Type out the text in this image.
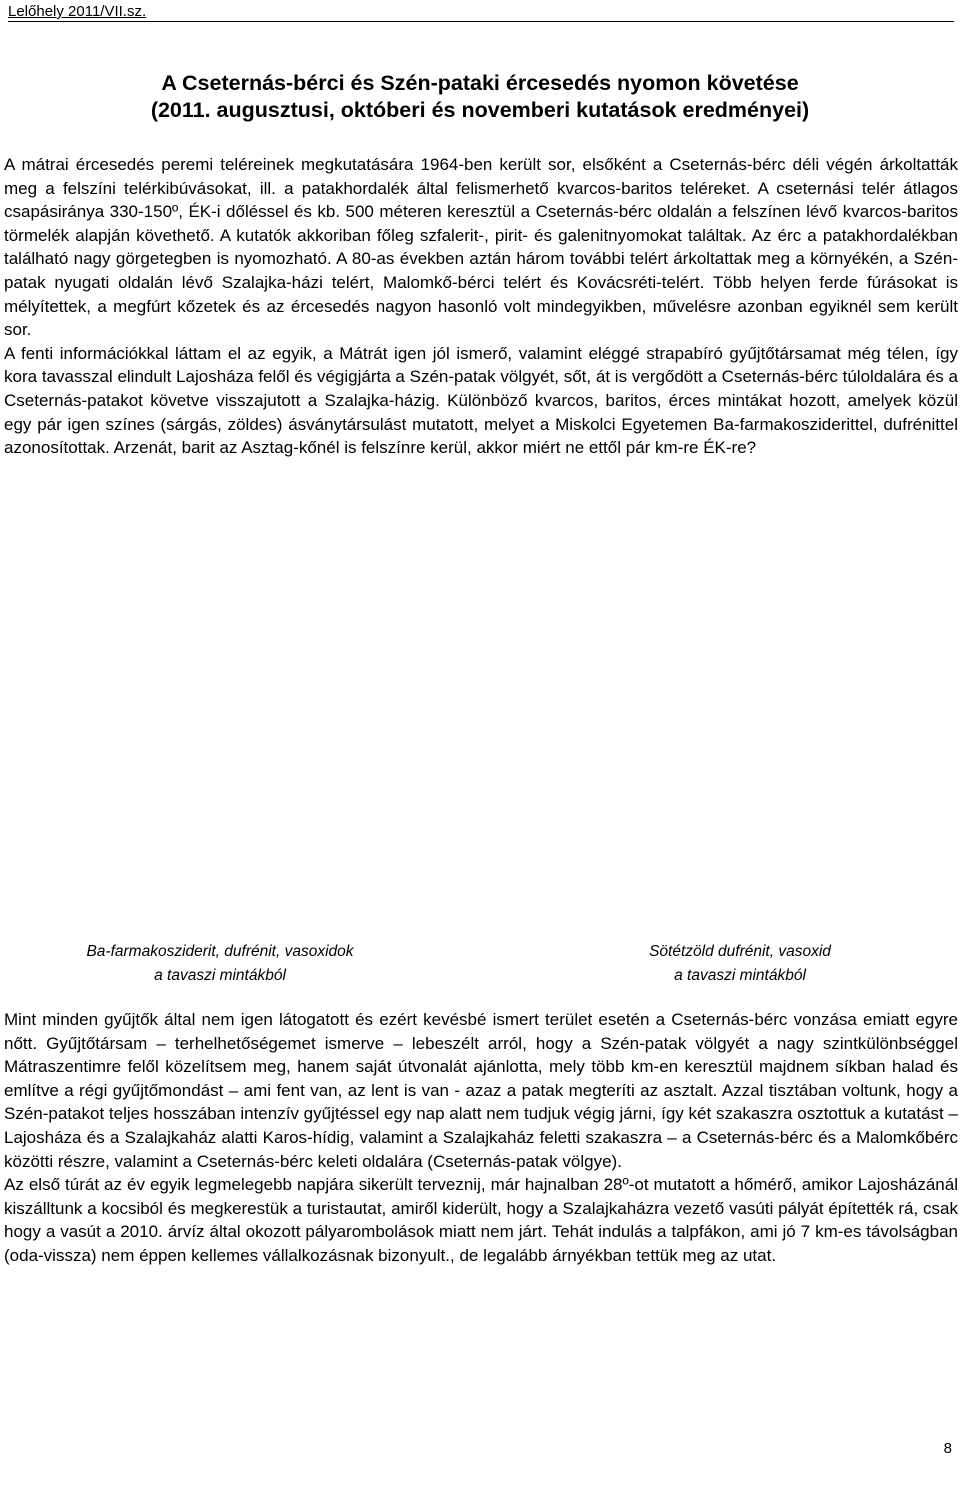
Lelőhely 2011/VII.sz.
A Cseternás-bérci és Szén-pataki ércesedés nyomon követése
(2011. augusztusi, októberi és novemberi kutatások eredményei)

A mátrai ércesedés peremi teléreinek megkutatására 1964-ben került sor, elsőként a Cseternás-bérc déli végén árkoltatták meg a felszíni telérkibúvásokat, ill. a patakhordalék által felismerhető kvarcos-baritos teléreket. A cseternási telér átlagos csapásiránya 330-150º, ÉK-i dőléssel és kb. 500 méteren keresztül a Cseternás-bérc oldalán a felszínen lévő kvarcos-baritos törmelék alapján követhető. A kutatók akkoriban főleg szfalerit-, pirit- és galenitnyomokat találtak. Az érc a patakhordalékban található nagy görgetegben is nyomozható. A 80-as években aztán három további telért árkoltattak meg a környékén, a Szén-patak nyugati oldalán lévő Szalajka-házi telért, Malomkő-bérci telért és Kovácsréti-telért. Több helyen ferde fúrásokat is mélyítettek, a megfúrt kőzetek és az ércesedés nagyon hasonló volt mindegyikben, művelésre azonban egyiknél sem került sor.

A fenti információkkal láttam el az egyik, a Mátrát igen jól ismerő, valamint eléggé strapabíró gyűjtőtársamat még télen, így kora tavasszal elindult Lajosháza felől és végigjárta a Szén-patak völgyét, sőt, át is vergődött a Cseternás-bérc túloldalára és a Cseternás-patakot követve visszajutott a Szalajka-házig. Különböző kvarcos, baritos, érces mintákat hozott, amelyek közül egy pár igen színes (sárgás, zöldes) ásványtársulást mutatott, melyet a Miskolci Egyetemen Ba-farmakosziderittel, dufrénittel azonosítottak. Arzenát, barit az Asztag-kőnél is felszínre kerül, akkor miért ne ettől pár km-re ÉK-re?

Ba-farmakosziderit, dufrénit, vasoxidok
a tavaszi mintákból
Sötétzöld dufrénit, vasoxid
a tavaszi mintákból

Mint minden gyűjtők által nem igen látogatott és ezért kevésbé ismert terület esetén a Cseternás-bérc vonzása emiatt egyre nőtt. Gyűjtőtársam – terhelhetőségemet ismerve – lebeszélt arról, hogy a Szén-patak völgyét a nagy szintkülönbséggel Mátraszentimre felől közelítsem meg, hanem saját útvonalát ajánlotta, mely több km-en keresztül majdnem síkban halad és említve a régi gyűjtőmondást – ami fent van, az lent is van - azaz a patak megteríti az asztalt. Azzal tisztában voltunk, hogy a Szén-patakot teljes hosszában intenzív gyűjtéssel egy nap alatt nem tudjuk végig járni, így két szakaszra osztottuk a kutatást – Lajosháza és a Szalajkaház alatti Karos-hídig, valamint a Szalajkaház feletti szakaszra – a Cseternás-bérc és a Malomkőbérc közötti részre, valamint a Cseternás-bérc keleti oldalára (Cseternás-patak völgye).

Az első túrát az év egyik legmelegebb napjára sikerült terveznij, már hajnalban 28º-ot mutatott a hőmérő, amikor Lajosházánál kiszálltunk a kocsiból és megkerestük a turistautat, amiről kiderült, hogy a Szalajkaházra vezető vasúti pályát építették rá, csak hogy a vasút a 2010. árvíz által okozott pályarombolások miatt nem járt. Tehát indulás a talpfákon, ami jó 7 km-es távolságban (oda-vissza) nem éppen kellemes vállalkozásnak bizonyult., de legalább árnyékban tettük meg az utat.

8
